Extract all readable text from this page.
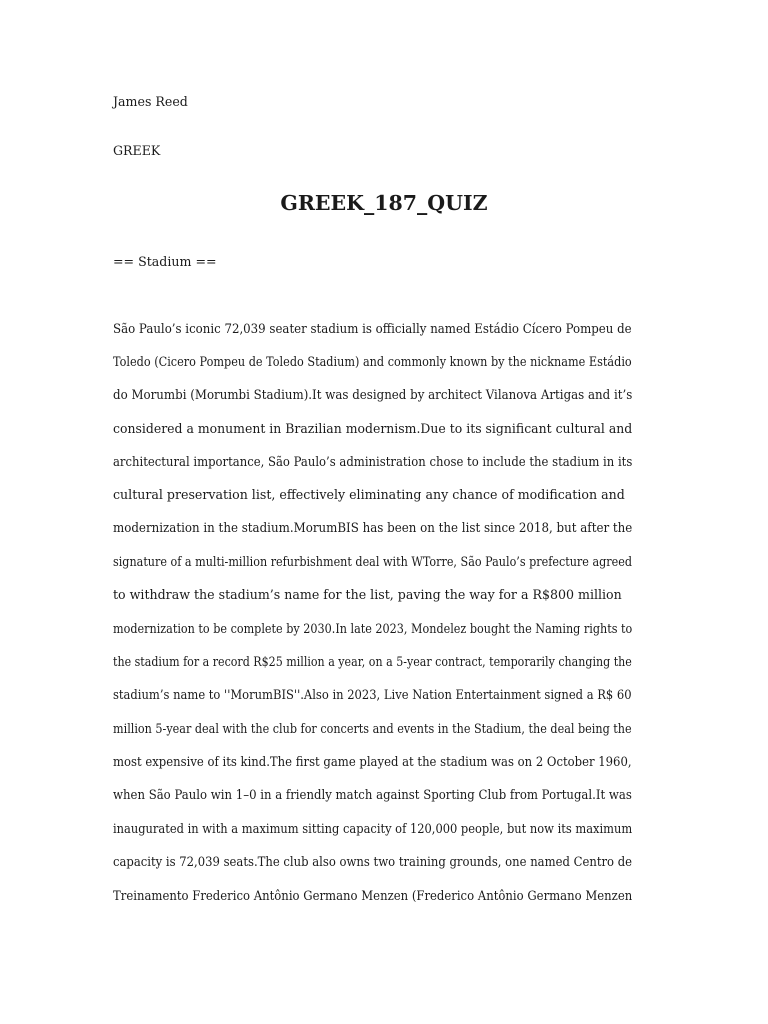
James Reed
GREEK
GREEK_187_QUIZ
== Stadium ==
São Paulo’s iconic 72,039 seater stadium is officially named Estádio Cícero Pompeu de
Toledo (Cicero Pompeu de Toledo Stadium) and commonly known by the nickname Estádio
do Morumbi (Morumbi Stadium).It was designed by architect Vilanova Artigas and it’s
considered a monument in Brazilian modernism.Due to its significant cultural and
architectural importance, São Paulo’s administration chose to include the stadium in its
cultural preservation list, effectively eliminating any chance of modification and
modernization in the stadium.MorumBIS has been on the list since 2018, but after the
signature of a multi-million refurbishment deal with WTorre, São Paulo’s prefecture agreed
to withdraw the stadium’s name for the list, paving the way for a R$800 million
modernization to be complete by 2030.In late 2023, Mondelez bought the Naming rights to
the stadium for a record R$25 million a year, on a 5-year contract, temporarily changing the
stadium’s name to ''MorumBIS''.Also in 2023, Live Nation Entertainment signed a R$ 60
million 5-year deal with the club for concerts and events in the Stadium, the deal being the
most expensive of its kind.The first game played at the stadium was on 2 October 1960,
when São Paulo win 1–0 in a friendly match against Sporting Club from Portugal.It was
inaugurated in with a maximum sitting capacity of 120,000 people, but now its maximum
capacity is 72,039 seats.The club also owns two training grounds, one named Centro de
Treinamento Frederico Antônio Germano Menzen (Frederico Antônio Germano Menzen
